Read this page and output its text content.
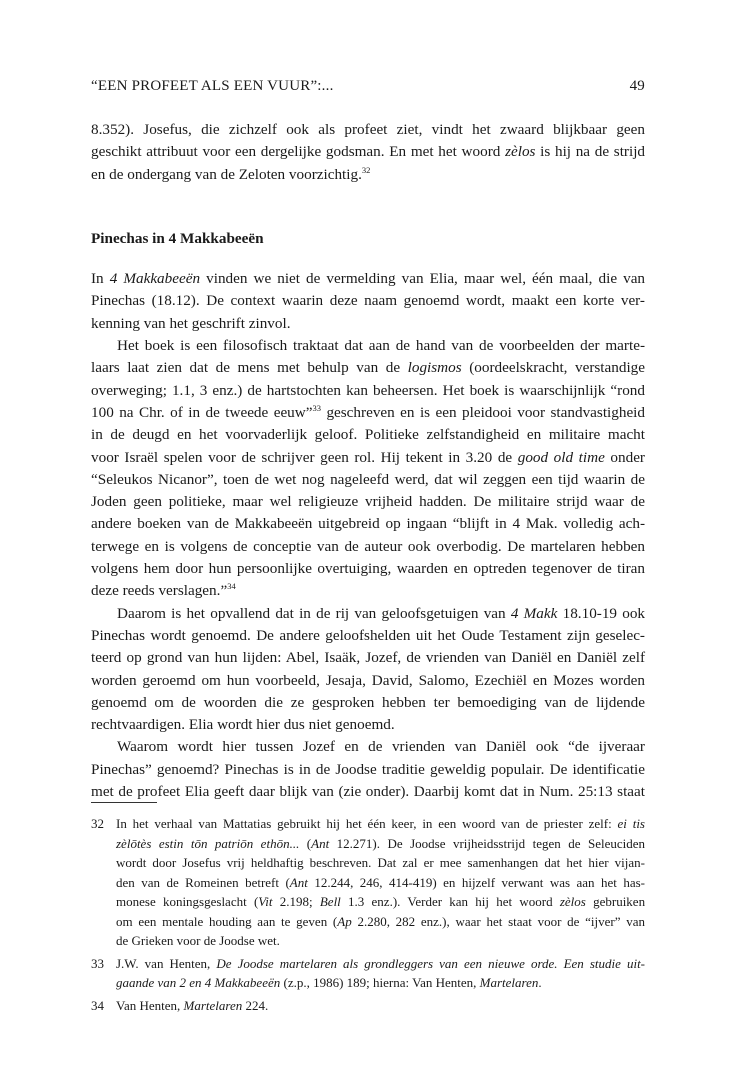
“EEN PROFEET ALS EEN VUUR”:...	49

8.352). Josefus, die zichzelf ook als profeet ziet, vindt het zwaard blijkbaar geen
geschikt attribuut voor een dergelijke godsman. En met het woord zèlos is hij na de strijd
en de ondergang van de Zeloten voorzichtig.$^{32}$

Pinechas in 4 Makkabeeën

In 4 Makkabeeën vinden we niet de vermelding van Elia, maar wel, één maal, die van
Pinechas (18.12). De context waarin deze naam genoemd wordt, maakt een korte ver-
kenning van het geschrift zinvol.

Het boek is een filosofisch traktaat dat aan de hand van de voorbeelden der marte-
laars laat zien dat de mens met behulp van de logismos (oordeelskracht, verstandige
overweging; 1.1, 3 enz.) de hartstochten kan beheersen. Het boek is waarschijnlijk “rond
100 na Chr. of in de tweede eeuw”$^{33}$ geschreven en is een pleidooi voor standvastigheid
in de deugd en het voorvaderlijk geloof. Politieke zelfstandigheid en militaire macht
voor Israël spelen voor de schrijver geen rol. Hij tekent in 3.20 de good old time onder
“Seleukos Nicanor”, toen de wet nog nageleefd werd, dat wil zeggen een tijd waarin de
Joden geen politieke, maar wel religieuze vrijheid hadden. De militaire strijd waar de
andere boeken van de Makkabeeën uitgebreid op ingaan “blijft in 4 Mak. volledig ach-
terwege en is volgens de conceptie van de auteur ook overbodig. De martelaren hebben
volgens hem door hun persoonlijke overtuiging, waarden en optreden tegenover de tiran
deze reeds verslagen.”$^{34}$

Daarom is het opvallend dat in de rij van geloofsgetuigen van 4 Makk 18.10-19 ook
Pinechas wordt genoemd. De andere geloofshelden uit het Oude Testament zijn geselec-
teerd op grond van hun lijden: Abel, Isaäk, Jozef, de vrienden van Daniël en Daniël zelf
worden geroemd om hun voorbeeld, Jesaja, David, Salomo, Ezechiël en Mozes worden
genoemd om de woorden die ze gesproken hebben ter bemoediging van de lijdende
rechtvaardigen. Elia wordt hier dus niet genoemd.

Waarom wordt hier tussen Jozef en de vrienden van Daniël ook “de ijveraar
Pinechas” genoemd? Pinechas is in de Joodse traditie geweldig populair. De identificatie
met de profeet Elia geeft daar blijk van (zie onder). Daarbij komt dat in Num. 25:13 staat

32 In het verhaal van Mattatias gebruikt hij het één keer, in een woord van de priester zelf: ei tis
zèlōtès estin tōn patriōn ethōn... (Ant 12.271). De Joodse vrijheidsstrijd tegen de Seleuciden
wordt door Josefus vrij heldhaftig beschreven. Dat zal er mee samenhangen dat het hier vijan-
den van de Romeinen betreft (Ant 12.244, 246, 414-419) en hijzelf verwant was aan het has-
monese koningsgeslacht (Vit 2.198; Bell 1.3 enz.). Verder kan hij het woord zèlos gebruiken
om een mentale houding aan te geven (Ap 2.280, 282 enz.), waar het staat voor de “ijver” van
de Grieken voor de Joodse wet.
33 J.W. van Henten, De Joodse martelaren als grondleggers van een nieuwe orde. Een studie uit-
gaande van 2 en 4 Makkabeeën (z.p., 1986) 189; hierna: Van Henten, Martelaren.
34 Van Henten, Martelaren 224.
